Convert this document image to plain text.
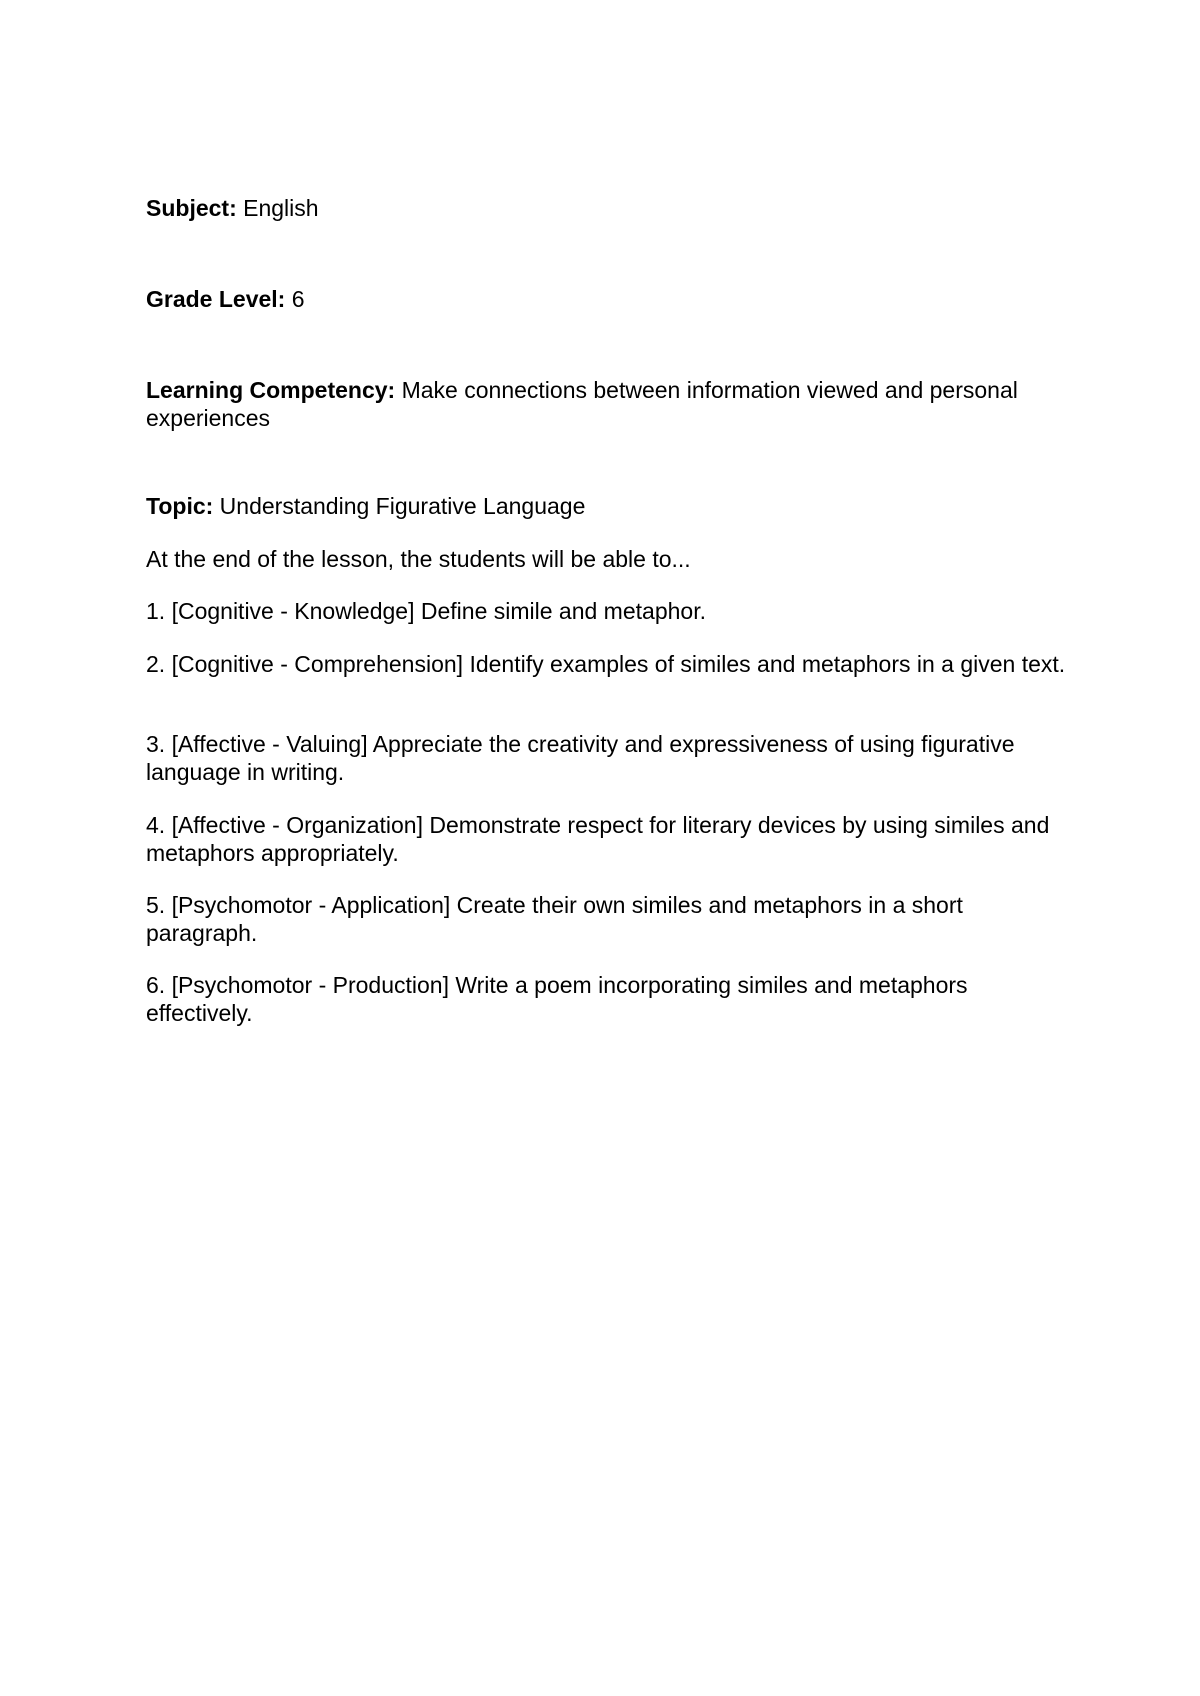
Subject: English

Grade Level: 6

Learning Competency: Make connections between information viewed and personal experiences

Topic: Understanding Figurative Language

At the end of the lesson, the students will be able to...

1. [Cognitive - Knowledge] Define simile and metaphor.

2. [Cognitive - Comprehension] Identify examples of similes and metaphors in a given text.

3. [Affective - Valuing] Appreciate the creativity and expressiveness of using figurative language in writing.

4. [Affective - Organization] Demonstrate respect for literary devices by using similes and metaphors appropriately.

5. [Psychomotor - Application] Create their own similes and metaphors in a short paragraph.

6. [Psychomotor - Production] Write a poem incorporating similes and metaphors effectively.
